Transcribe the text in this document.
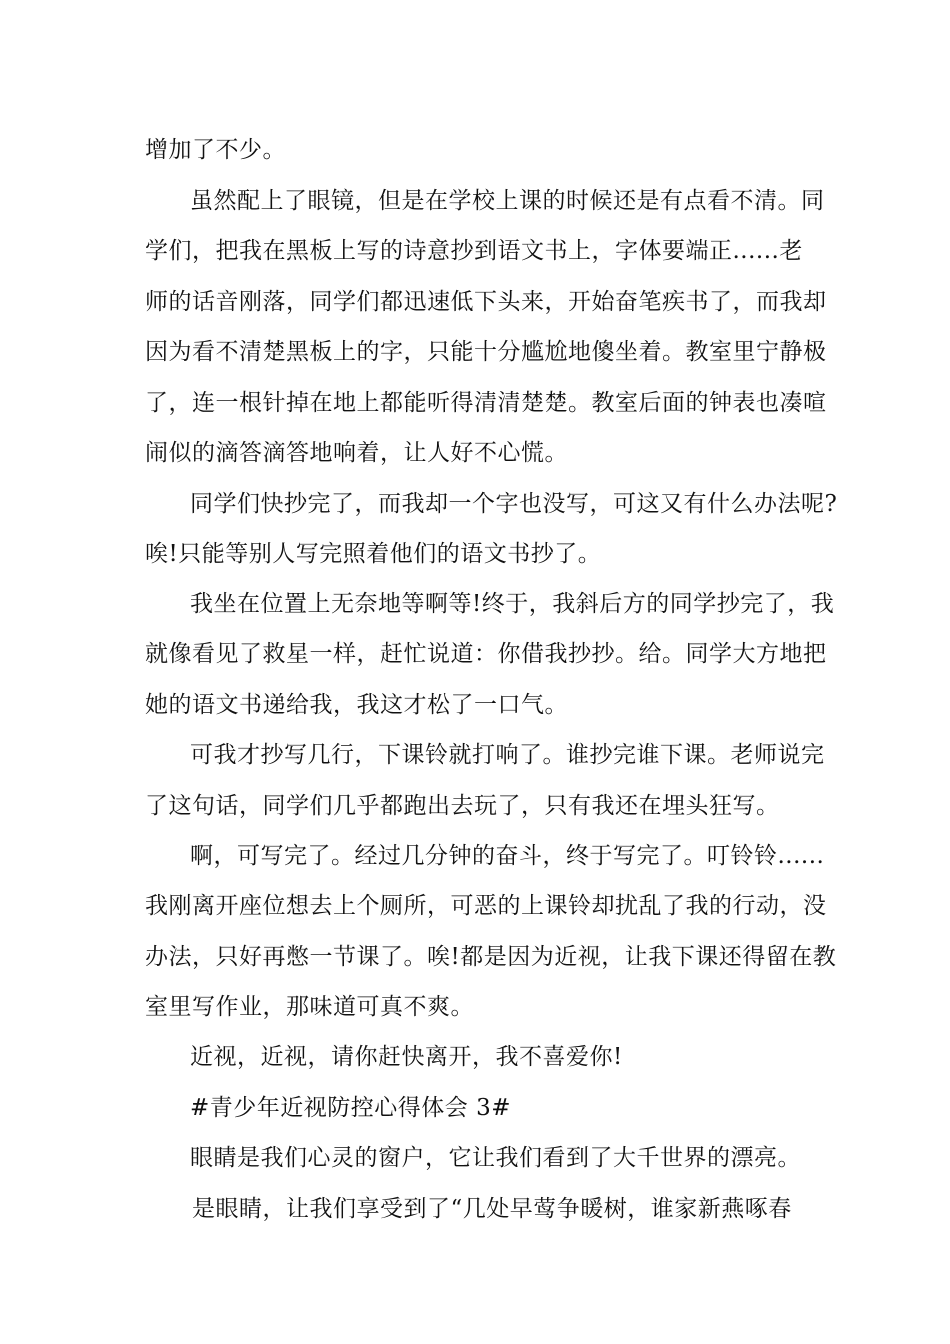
增加了不少。
虽然配上了眼镜，但是在学校上课的时候还是有点看不清。同
学们，把我在黑板上写的诗意抄到语文书上，字体要端正......老
师的话音刚落，同学们都迅速低下头来，开始奋笔疾书了，而我却
因为看不清楚黑板上的字，只能十分尴尬地傻坐着。教室里宁静极
了，连一根针掉在地上都能听得清清楚楚。教室后面的钟表也凑喧
闹似的滴答滴答地响着，让人好不心慌。
同学们快抄完了，而我却一个字也没写，可这又有什么办法呢?
唉!只能等别人写完照着他们的语文书抄了。
我坐在位置上无奈地等啊等!终于，我斜后方的同学抄完了，我
就像看见了救星一样，赶忙说道：你借我抄抄。给。同学大方地把
她的语文书递给我，我这才松了一口气。
可我才抄写几行，下课铃就打响了。谁抄完谁下课。老师说完
了这句话，同学们几乎都跑出去玩了，只有我还在埋头狂写。
啊，可写完了。经过几分钟的奋斗，终于写完了。叮铃铃......
我刚离开座位想去上个厕所，可恶的上课铃却扰乱了我的行动，没
办法，只好再憋一节课了。唉!都是因为近视，让我下课还得留在教
室里写作业，那味道可真不爽。
近视，近视，请你赶快离开，我不喜爱你!
#青少年近视防控心得体会 3#
眼睛是我们心灵的窗户，它让我们看到了大千世界的漂亮。
是眼睛，让我们享受到了“几处早莺争暖树，谁家新燕啄春
